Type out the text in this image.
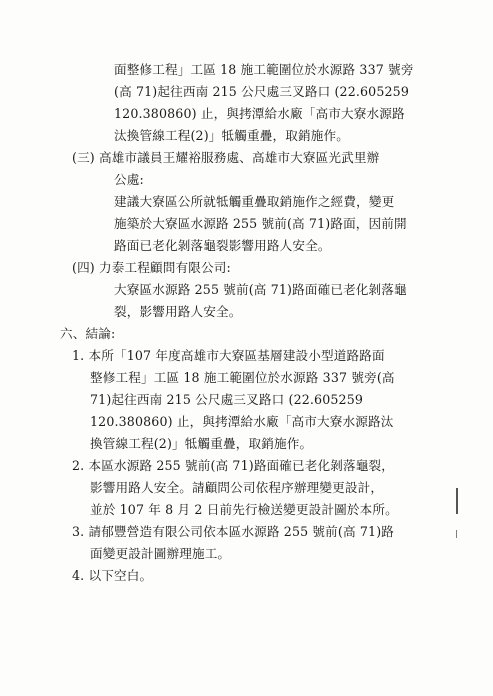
面整修工程」工區 18 施工範圍位於水源路 337 號旁
(高 71)起往西南 215 公尺處三叉路口 (22.605259
120.380860) 止，與拷潭給水廠「高市大寮水源路
汰換管線工程(2)」牴觸重疊，取銷施作。
(三) 高雄市議員王耀裕服務處、高雄市大寮區光武里辦
公處:
建議大寮區公所就牴觸重疊取銷施作之經費，變更
施築於大寮區水源路 255 號前(高 71)路面，因前開
路面已老化剝落龜裂影響用路人安全。
(四) 力泰工程顧問有限公司:
大寮區水源路 255 號前(高 71)路面確已老化剝落龜
裂，影響用路人安全。
六、結論:
1. 本所「107 年度高雄市大寮區基層建設小型道路路面
整修工程」工區 18 施工範圍位於水源路 337 號旁(高
71)起往西南 215 公尺處三叉路口 (22.605259
120.380860) 止，與拷潭給水廠「高市大寮水源路汰
換管線工程(2)」牴觸重疊，取銷施作。
2. 本區水源路 255 號前(高 71)路面確已老化剝落龜裂，
影響用路人安全。請顧問公司依程序辦理變更設計，
並於 107 年 8 月 2 日前先行檢送變更設計圖於本所。
3. 請郁豐營造有限公司依本區水源路 255 號前(高 71)路
面變更設計圖辦理施工。
4. 以下空白。
